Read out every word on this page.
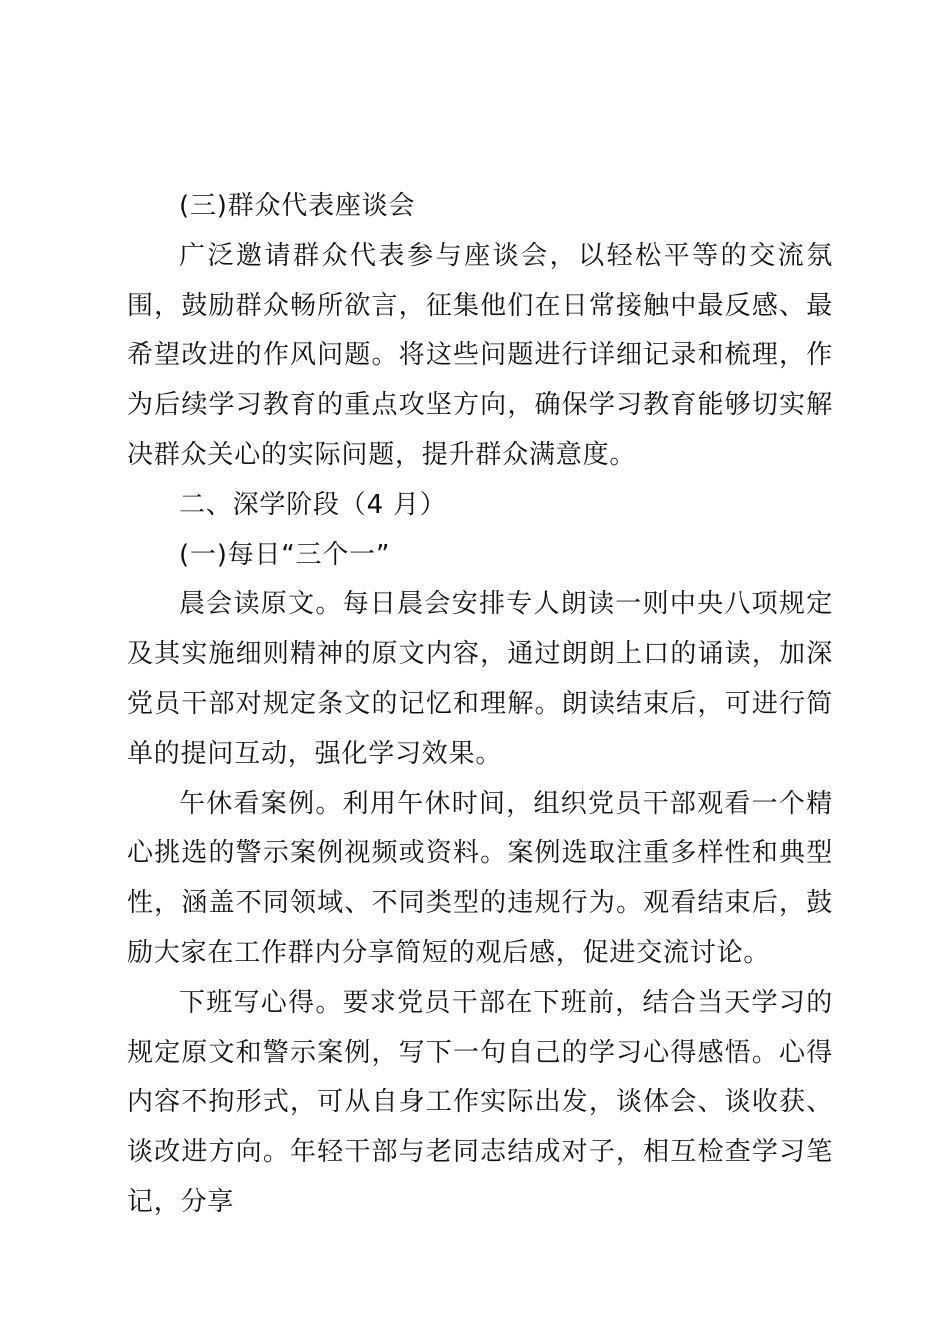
(三)群众代表座谈会

广泛邀请群众代表参与座谈会，以轻松平等的交流氛围，鼓励群众畅所欲言，征集他们在日常接触中最反感、最希望改进的作风问题。将这些问题进行详细记录和梳理，作为后续学习教育的重点攻坚方向，确保学习教育能够切实解决群众关心的实际问题，提升群众满意度。

二、深学阶段（4 月）

(一)每日“三个一”

晨会读原文。每日晨会安排专人朗读一则中央八项规定及其实施细则精神的原文内容，通过朗朗上口的诵读，加深党员干部对规定条文的记忆和理解。朗读结束后，可进行简单的提问互动，强化学习效果。

午休看案例。利用午休时间，组织党员干部观看一个精心挑选的警示案例视频或资料。案例选取注重多样性和典型性，涵盖不同领域、不同类型的违规行为。观看结束后，鼓励大家在工作群内分享简短的观后感，促进交流讨论。

下班写心得。要求党员干部在下班前，结合当天学习的规定原文和警示案例，写下一句自己的学习心得感悟。心得内容不拘形式，可从自身工作实际出发，谈体会、谈收获、谈改进方向。年轻干部与老同志结成对子，相互检查学习笔记，分享
